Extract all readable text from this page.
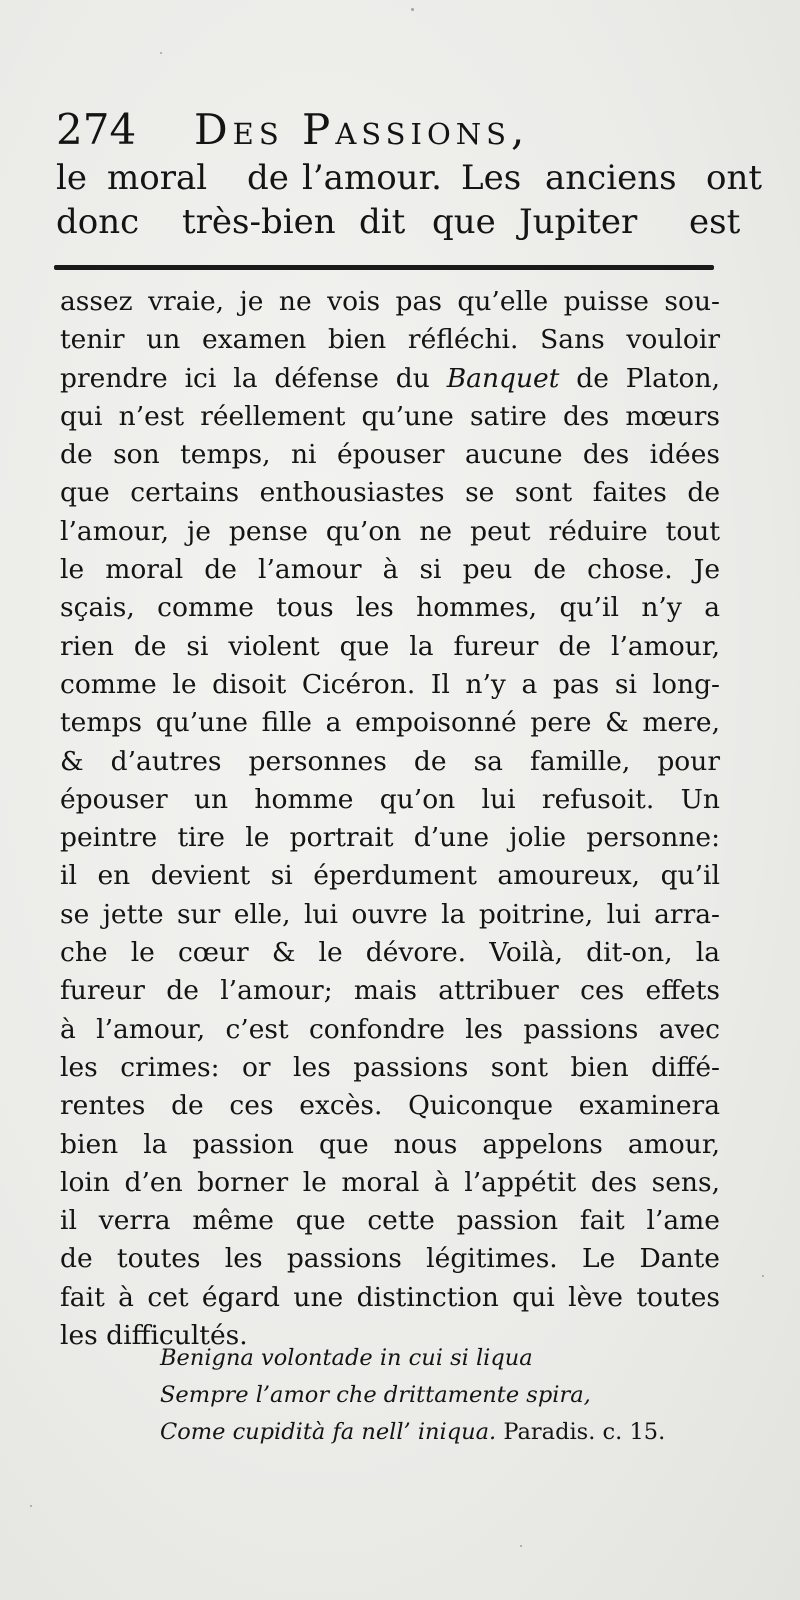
274 Des Passions,
le moral de l’amour. Les anciens ont
donc très-bien dit que Jupiter est
assez vraie, je ne vois pas qu’elle puisse sou-
tenir un examen bien réfléchi. Sans vouloir
prendre ici la défense du Banquet de Platon,
qui n’est réellement qu’une satire des mœurs
de son temps, ni épouser aucune des idées
que certains enthousiastes se sont faites de
l’amour, je pense qu’on ne peut réduire tout
le moral de l’amour à si peu de chose. Je
sçais, comme tous les hommes, qu’il n’y a
rien de si violent que la fureur de l’amour,
comme le disoit Cicéron. Il n’y a pas si long-
temps qu’une fille a empoisonné pere & mere,
& d’autres personnes de sa famille, pour
épouser un homme qu’on lui refusoit. Un
peintre tire le portrait d’une jolie personne:
il en devient si éperdument amoureux, qu’il
se jette sur elle, lui ouvre la poitrine, lui arra-
che le cœur & le dévore. Voilà, dit-on, la
fureur de l’amour; mais attribuer ces effets
à l’amour, c’est confondre les passions avec
les crimes: or les passions sont bien diffé-
rentes de ces excès. Quiconque examinera
bien la passion que nous appelons amour,
loin d’en borner le moral à l’appétit des sens,
il verra même que cette passion fait l’ame
de toutes les passions légitimes. Le Dante
fait à cet égard une distinction qui lève toutes
les difficultés.
Benigna volontade in cui si liqua
Sempre l’amor che drittamente spira,
Come cupidità fa nell’ iniqua. Paradis. c. 15.
